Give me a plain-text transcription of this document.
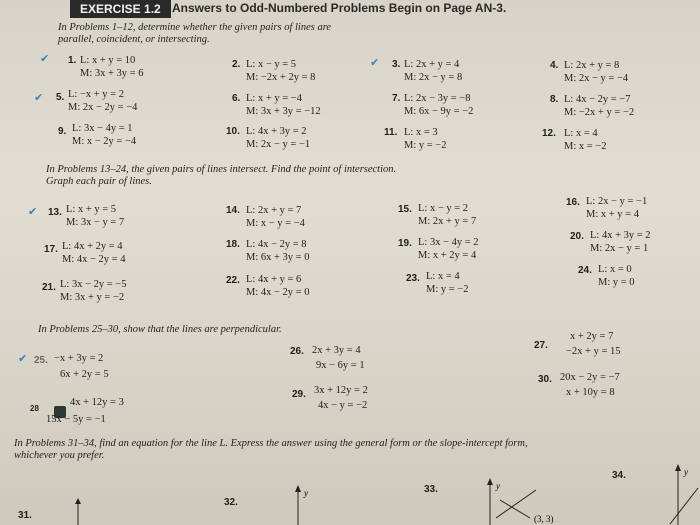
EXERCISE 1.2 Answers to Odd-Numbered Problems Begin on Page AN-3.
In Problems 1–12, determine whether the given pairs of lines are parallel, coincident, or intersecting.
✔ 1. L: x + y = 10
M: 3x + 3y = 6
2. L: x − y = 5
M: −2x + 2y = 8
✔ 3. L: 2x + y = 4
M: 2x − y = 8
4. L: 2x + y = 8
M: 2x − y = −4
✔ 5. L: −x + y = 2
M: 2x − 2y = −4
6. L: x + y = −4
M: 3x + 3y = −12
7. L: 2x − 3y = −8
M: 6x − 9y = −2
8. L: 4x − 2y = −7
M: −2x + y = −2
9. L: 3x − 4y = 1
M: x − 2y = −4
10. L: 4x + 3y = 2
M: 2x − y = −1
11. L: x = 3
M: y = −2
12. L: x = 4
M: x = −2
In Problems 13–24, the given pairs of lines intersect. Find the point of intersection. Graph each pair of lines.
✔ 13. L: x + y = 5
M: 3x − y = 7
14. L: 2x + y = 7
M: x − y = −4
15. L: x − y = 2
M: 2x + y = 7
16. L: 2x − y = −1
M: x + y = 4
17. L: 4x + 2y = 4
M: 4x − 2y = 4
18. L: 4x − 2y = 8
M: 6x + 3y = 0
19. L: 3x − 4y = 2
M: x + 2y = 4
20. L: 4x + 3y = 2
M: 2x − y = 1
21. L: 3x − 2y = −5
M: 3x + y = −2
22. L: 4x + y = 6
M: 4x − 2y = 0
23. L: x = 4
M: y = −2
24. L: x = 0
M: y = 0
In Problems 25–30, show that the lines are perpendicular.
✔ 25. −x + 3y = 2
6x + 2y = 5
26. 2x + 3y = 4
9x − 6y = 1
27.
x + 2y = 7
−2x + y = 15
28
4x + 12y = 3
15x − 5y = −1
29. 3x + 12y = 2
4x − y = −2
30. 20x − 2y = −7
x + 10y = 8
In Problems 31–34, find an equation for the line L. Express the answer using the general form or the slope-intercept form, whichever you prefer.
34.
33.
32.
31.
y
y
(3, 3)
y
